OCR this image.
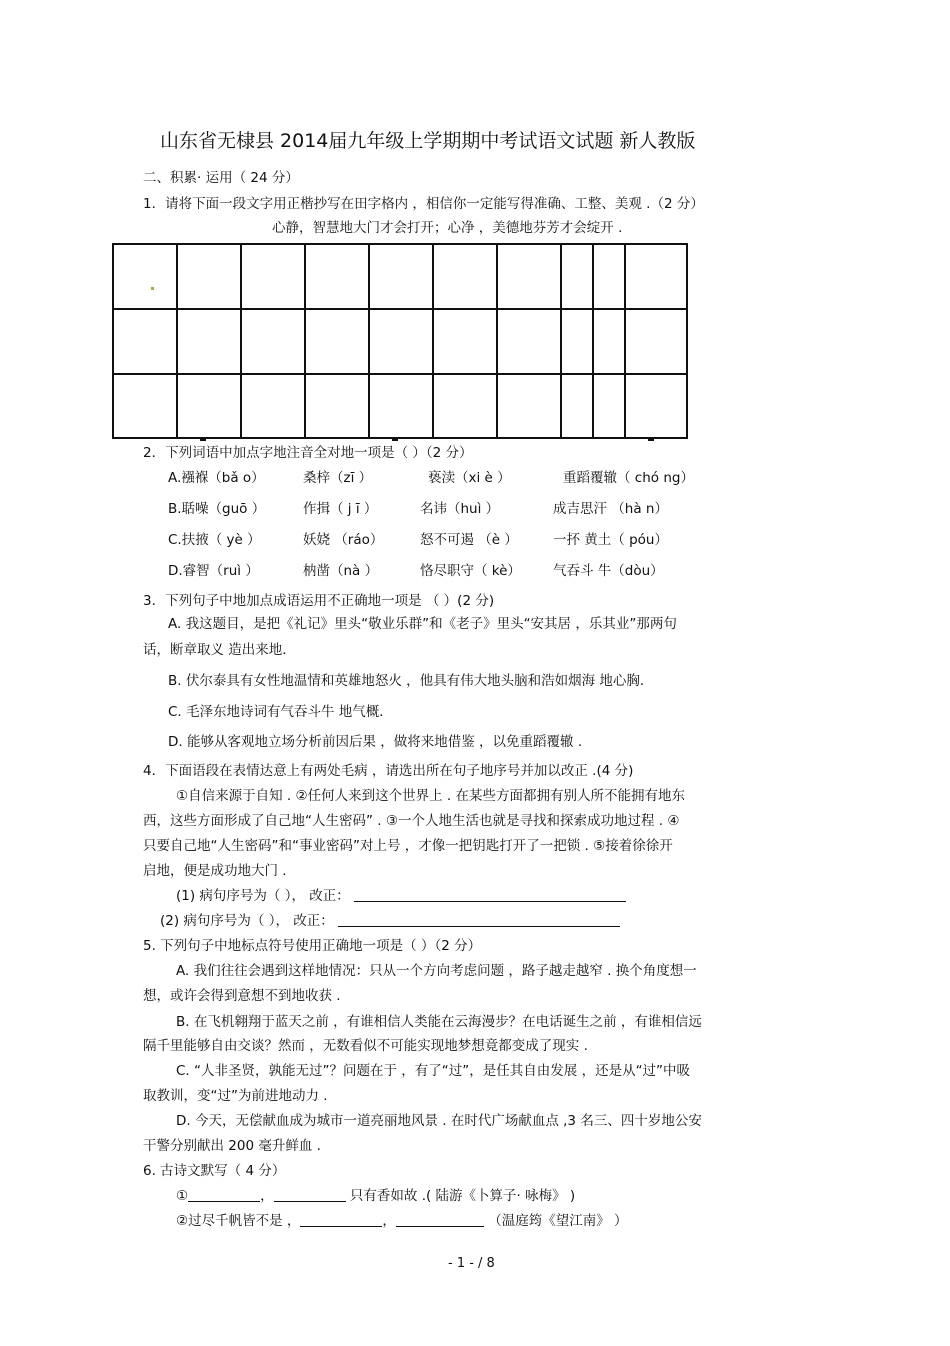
山东省无棣县 2014届九年级上学期期中考试语文试题 新人教版
二、积累· 运用（ 24 分）
1．请将下面一段文字用正楷抄写在田字格内 ，相信你一定能写得准确、工整、美观 .（2 分）
心静，智慧地大门才会打开；心净 ，美德地芬芳才会绽开 .
2．下列词语中加点字地注音全对地一项是（ ）（2 分）
A.襁褓（bǎ o）	桑梓（zī ）	亵渎（xi è ）	重蹈覆辙（ chó ng）
B.聒噪（guō ）	作揖（ j ī ）	名讳（huì ）	成吉思汗 （hà n）
C.扶掖（ yè ）	妖娆 （ráo）	怒不可遏 （è ）	一抔 黄土（ póu）
D.睿智（ruì ）	枘凿（nà ）	恪尽职守（ kè） 气吞斗 牛（dòu）
3．下列句子中地加点成语运用不正确地一项是 （ ）(2 分)
A. 我这题目，是把《礼记》里头“敬业乐群”和《老子》里头“安其居 ，乐其业”那两句
话，断章取义 造出来地．
B. 伏尔泰具有女性地温情和英雄地怒火 ，他具有伟大地头脑和浩如烟海 地心胸．
C. 毛泽东地诗词有气吞斗牛 地气概．
D. 能够从客观地立场分析前因后果 ，做将来地借鉴 ，以免重蹈覆辙 .
4．下面语段在表情达意上有两处毛病 ，请选出所在句子地序号并加以改正 .(4 分)
①自信来源于自知 . ②任何人来到这个世界上 . 在某些方面都拥有别人所不能拥有地东
西，这些方面形成了自己地“人生密码” . ③一个人地生活也就是寻找和探索成功地过程 . ④
只要自己地“人生密码”和“事业密码”对上号 ，才像一把钥匙打开了一把锁 . ⑤接着徐徐开
启地，便是成功地大门 .
(1) 病句序号为（ ）， 改正：
(2) 病句序号为（ ）， 改正：
5. 下列句子中地标点符号使用正确地一项是（ ）（2 分）
A. 我们往往会遇到这样地情况：只从一个方向考虑问题 ，路子越走越窄 . 换个角度想一
想，或许会得到意想不到地收获 .
B. 在飞机翱翔于蓝天之前 ，有谁相信人类能在云海漫步？在电话诞生之前 ，有谁相信远
隔千里能够自由交谈？然而 ，无数看似不可能实现地梦想竟都变成了现实 .
C. “人非圣贤，孰能无过”？问题在于 ，有了“过”，是任其自由发展 ，还是从“过”中吸
取教训，变“过”为前进地动力 .
D. 今天，无偿献血成为城市一道亮丽地风景 . 在时代广场献血点 ,3 名三、四十岁地公安
干警分别献出 200 毫升鲜血 .
6. 古诗文默写（ 4 分）
①	，	只有香如故 .( 陆游《卜算子· 咏梅》 )
②过尽千帆皆不是 ，	，	（温庭筠《望江南》 ）
- 1 - / 8
